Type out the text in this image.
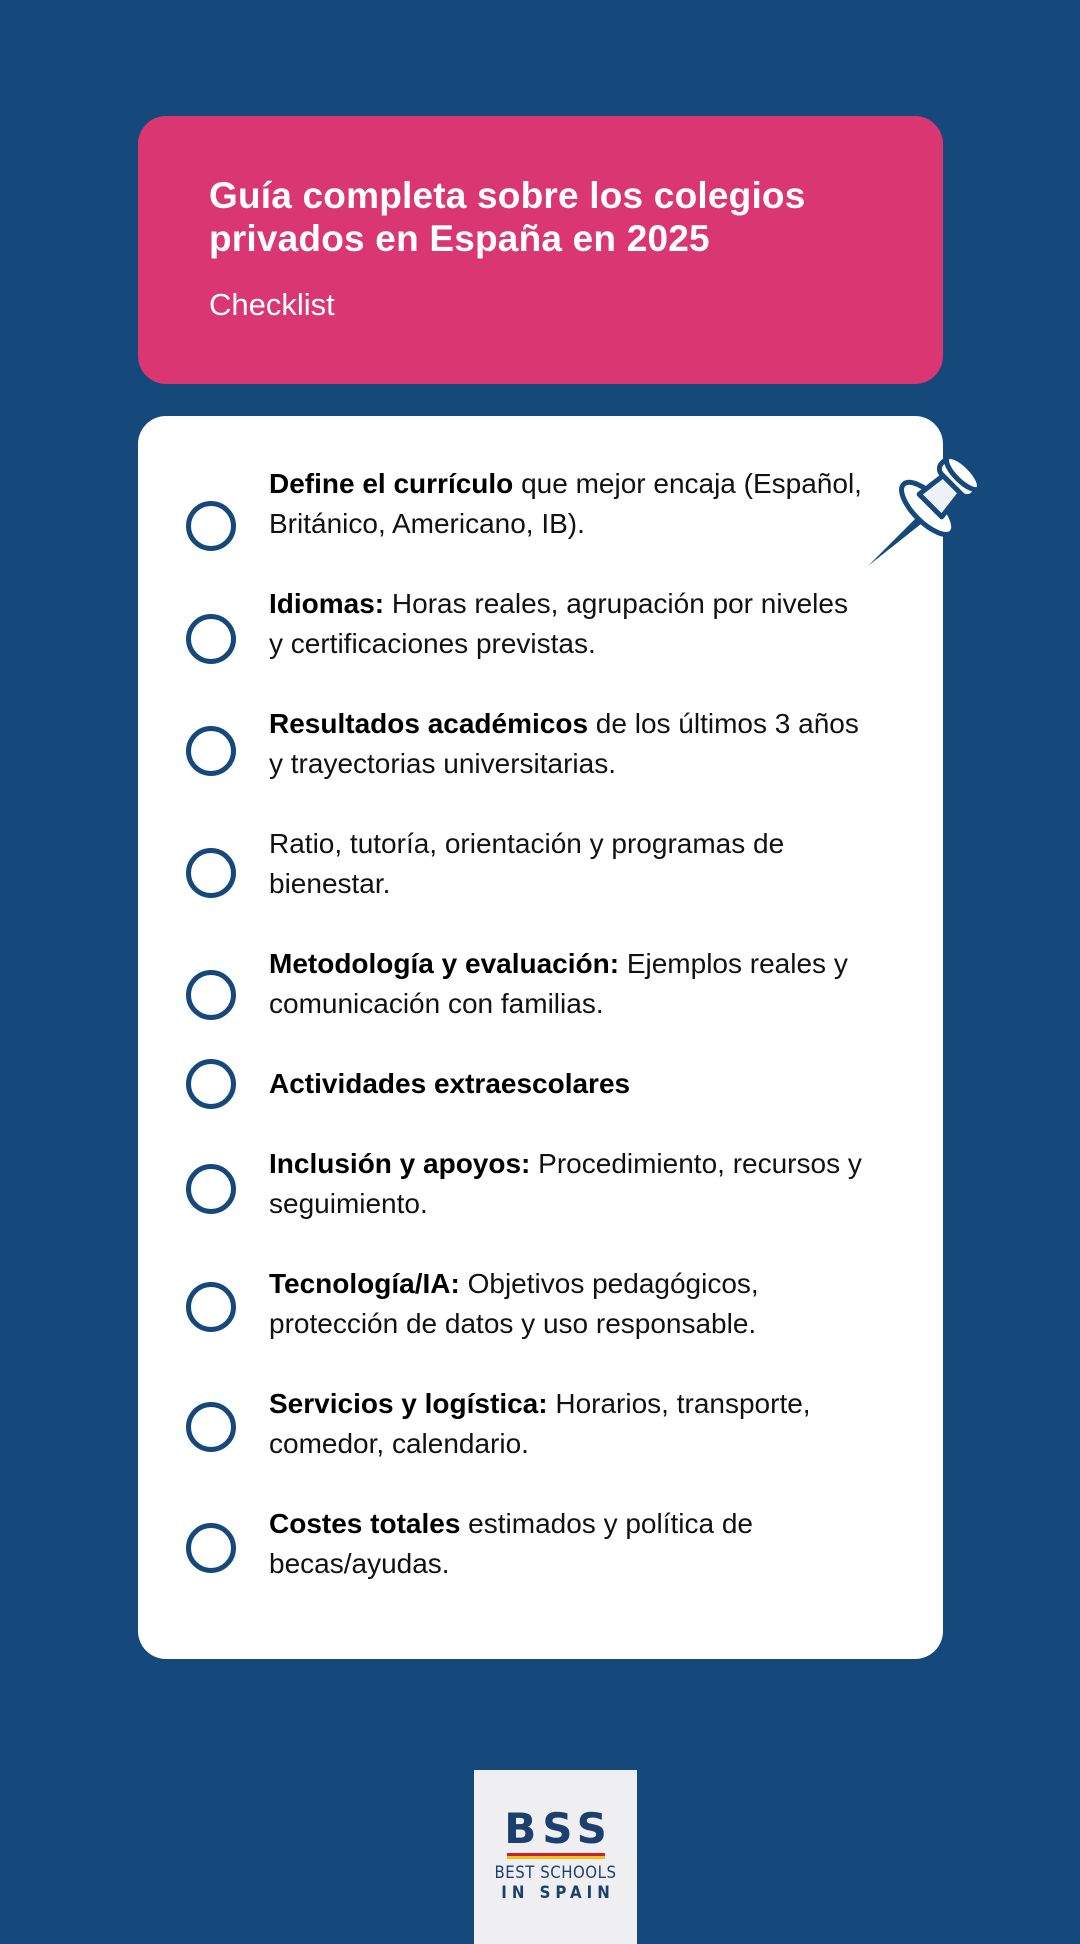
Guía completa sobre los colegios privados en España en 2025
Checklist
Define el currículo que mejor encaja (Español, Británico, Americano, IB).
Idiomas: Horas reales, agrupación por niveles y certificaciones previstas.
Resultados académicos de los últimos 3 años y trayectorias universitarias.
Ratio, tutoría, orientación y programas de bienestar.
Metodología y evaluación: Ejemplos reales y comunicación con familias.
Actividades extraescolares
Inclusión y apoyos: Procedimiento, recursos y seguimiento.
Tecnología/IA: Objetivos pedagógicos, protección de datos y uso responsable.
Servicios y logística: Horarios, transporte, comedor, calendario.
Costes totales estimados y política de becas/ayudas.
BSS
BEST SCHOOLS
IN SPAIN
